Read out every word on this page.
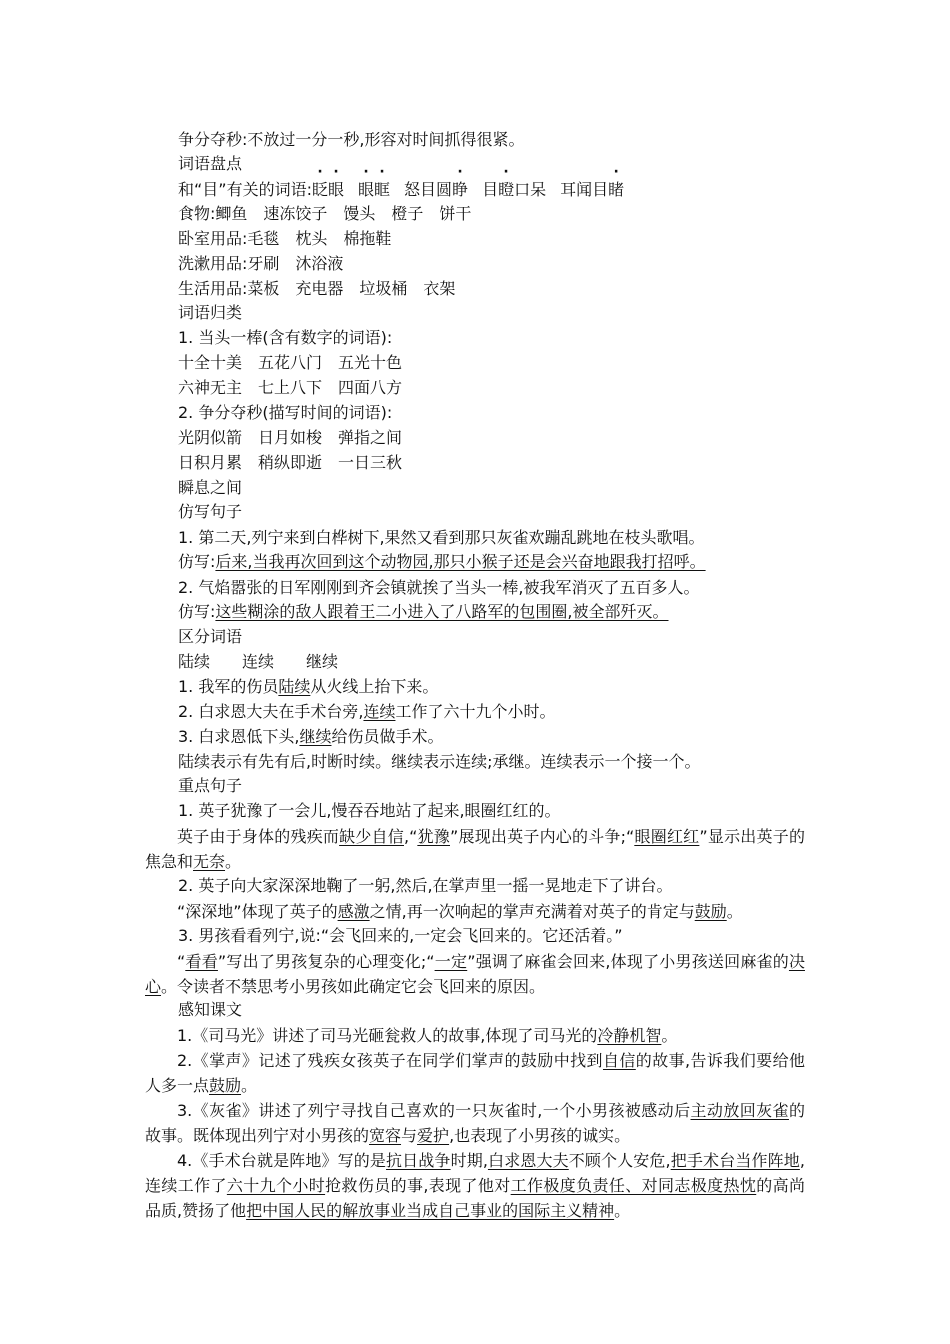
争分夺秒:不放过一分一秒,形容对时间抓得很紧。
词语盘点
和“目”有关的词语:眨眼 眼眶 怒目圆睁 目瞪口呆 耳闻目睹
食物:鲫鱼　速冻饺子　馒头　橙子　饼干
卧室用品:毛毯　枕头　棉拖鞋
洗漱用品:牙刷　沐浴液
生活用品:菜板　充电器　垃圾桶　衣架
词语归类
1. 当头一棒(含有数字的词语):
十全十美　五花八门　五光十色
六神无主　七上八下　四面八方
2. 争分夺秒(描写时间的词语):
光阴似箭　日月如梭　弹指之间
日积月累　稍纵即逝　一日三秋
瞬息之间
仿写句子
1. 第二天,列宁来到白桦树下,果然又看到那只灰雀欢蹦乱跳地在枝头歌唱。
仿写:后来,当我再次回到这个动物园,那只小猴子还是会兴奋地跟我打招呼。
2. 气焰嚣张的日军刚刚到齐会镇就挨了当头一棒,被我军消灭了五百多人。
仿写:这些糊涂的敌人跟着王二小进入了八路军的包围圈,被全部歼灭。
区分词语
陆续　　连续　　继续
1. 我军的伤员陆续从火线上抬下来。
2. 白求恩大夫在手术台旁,连续工作了六十九个小时。
3. 白求恩低下头,继续给伤员做手术。
陆续表示有先有后,时断时续。继续表示连续;承继。连续表示一个接一个。
重点句子
1. 英子犹豫了一会儿,慢吞吞地站了起来,眼圈红红的。
英子由于身体的残疾而缺少自信,“犹豫”展现出英子内心的斗争;“眼圈红红”显示出英子的焦急和无奈。
2. 英子向大家深深地鞠了一躬,然后,在掌声里一摇一晃地走下了讲台。
“深深地”体现了英子的感激之情,再一次响起的掌声充满着对英子的肯定与鼓励。
3. 男孩看看列宁,说:“会飞回来的,一定会飞回来的。它还活着。”
“看看”写出了男孩复杂的心理变化;“一定”强调了麻雀会回来,体现了小男孩送回麻雀的决心。令读者不禁思考小男孩如此确定它会飞回来的原因。
感知课文
1.《司马光》讲述了司马光砸瓮救人的故事,体现了司马光的冷静机智。
2.《掌声》记述了残疾女孩英子在同学们掌声的鼓励中找到自信的故事,告诉我们要给他人多一点鼓励。
3.《灰雀》讲述了列宁寻找自己喜欢的一只灰雀时,一个小男孩被感动后主动放回灰雀的故事。既体现出列宁对小男孩的宽容与爱护,也表现了小男孩的诚实。
4.《手术台就是阵地》写的是抗日战争时期,白求恩大夫不顾个人安危,把手术台当作阵地,连续工作了六十九个小时抢救伤员的事,表现了他对工作极度负责任、对同志极度热忱的高尚品质,赞扬了他把中国人民的解放事业当成自己事业的国际主义精神。
